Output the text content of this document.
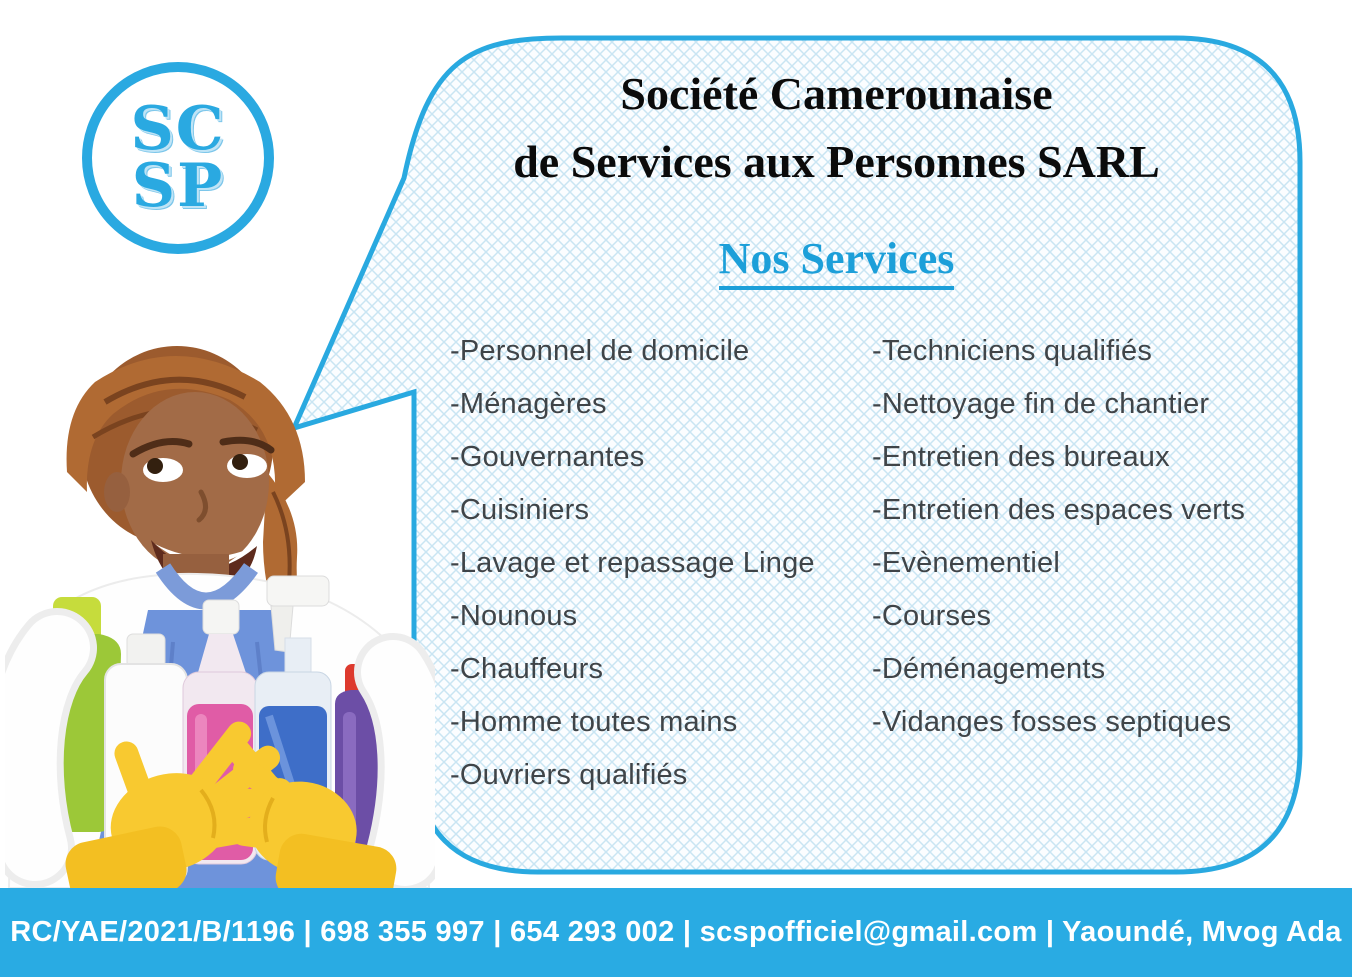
SC
SP
Société Camerounaise
de Services aux Personnes SARL
Nos Services
-Personnel de domicile
-Ménagères
-Gouvernantes
-Cuisiniers
-Lavage et repassage Linge
-Nounous
-Chauffeurs
-Homme toutes mains
-Ouvriers qualifiés
-Techniciens qualifiés
-Nettoyage fin de chantier
-Entretien des bureaux
-Entretien des espaces verts
-Evènementiel
-Courses
-Déménagements
-Vidanges fosses septiques
RC/YAE/2021/B/1196 | 698 355 997 | 654 293 002 | scspofficiel@gmail.com | Yaoundé, Mvog Ada
